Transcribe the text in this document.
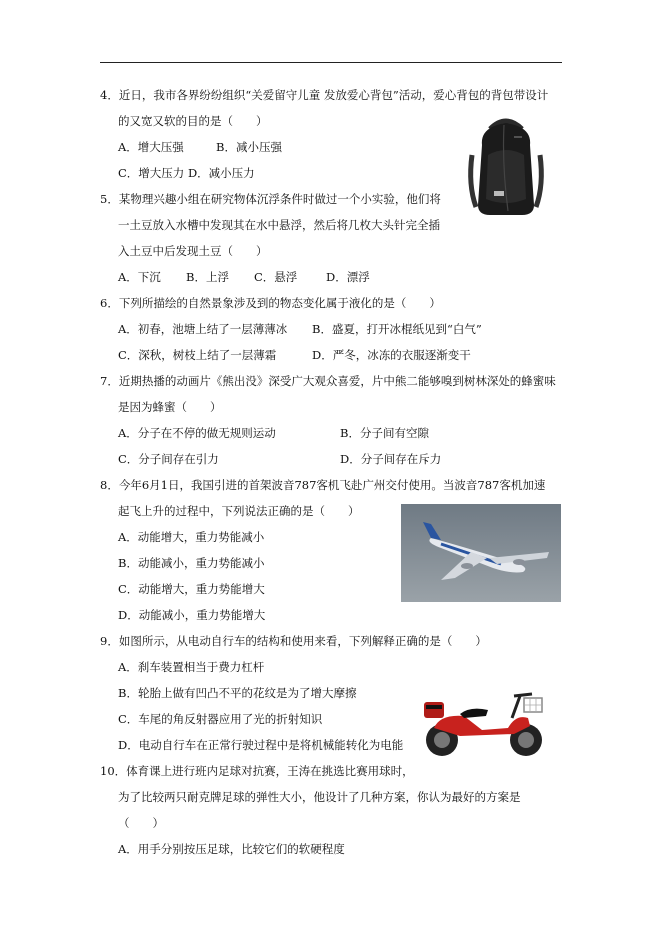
4．近日，我市各界纷纷组织“关爱留守儿童 发放爱心背包”活动，爱心背包的背包带设计
的又宽又软的目的是（　　）
A．增大压强	B．减小压强
C．增大压力 D．减小压力
5．某物理兴趣小组在研究物体沉浮条件时做过一个小实验，他们将
一土豆放入水槽中发现其在水中悬浮，然后将几枚大头针完全插
入土豆中后发现土豆（　　）
A．下沉 B．上浮 C．悬浮 D．漂浮
6．下列所描绘的自然景象涉及到的物态变化属于液化的是（　　）
A．初春，池塘上结了一层薄薄冰 B．盛夏，打开冰棍纸见到“白气”
C．深秋，树枝上结了一层薄霜	D．严冬，冰冻的衣服逐渐变干
7．近期热播的动画片《熊出没》深受广大观众喜爱，片中熊二能够嗅到树林深处的蜂蜜味
是因为蜂蜜（　　）
A．分子在不停的做无规则运动	B．分子间有空隙
C．分子间存在引力	D．分子间存在斥力
8．今年6月1日，我国引进的首架波音787客机飞赴广州交付使用。当波音787客机加速
起飞上升的过程中，下列说法正确的是（　　）
A．动能增大，重力势能减小
B．动能减小，重力势能减小
C．动能增大，重力势能增大
D．动能减小，重力势能增大
9．如图所示，从电动自行车的结构和使用来看，下列解释正确的是（　　）
A．刹车装置相当于费力杠杆
B．轮胎上做有凹凸不平的花纹是为了增大摩擦
C．车尾的角反射器应用了光的折射知识
D．电动自行车在正常行驶过程中是将机械能转化为电能
10．体育课上进行班内足球对抗赛，王涛在挑选比赛用球时，
为了比较两只耐克牌足球的弹性大小，他设计了几种方案，你认为最好的方案是
（　　）
A．用手分别按压足球，比较它们的软硬程度
